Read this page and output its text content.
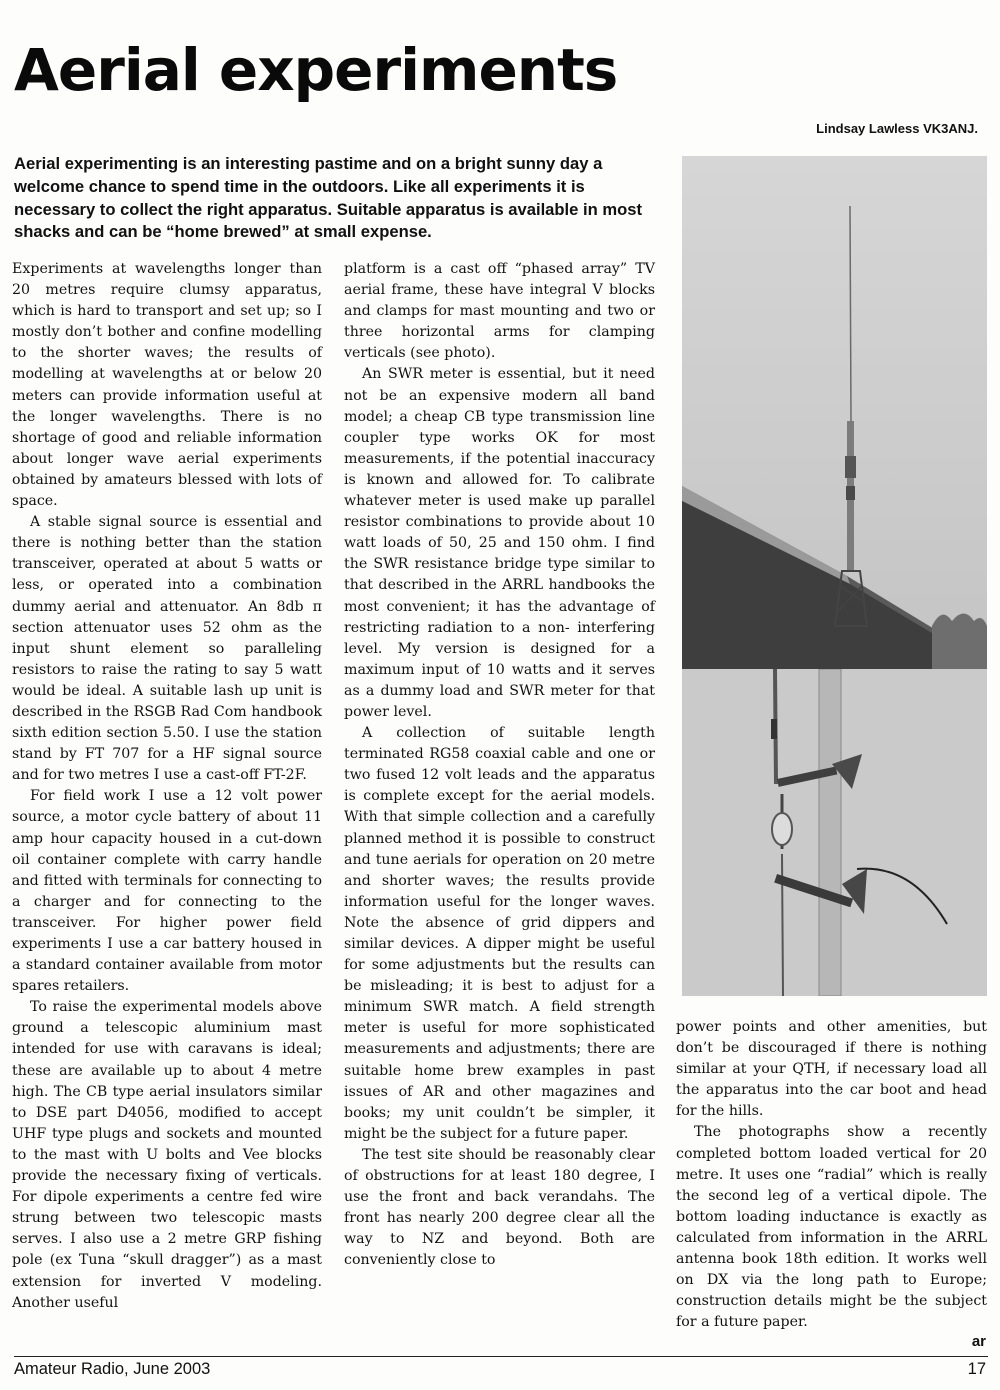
Aerial experiments
Lindsay Lawless VK3ANJ.

Aerial experimenting is an interesting pastime and on a bright sunny day a welcome chance to spend time in the outdoors. Like all experiments it is necessary to collect the right apparatus. Suitable apparatus is available in most shacks and can be “home brewed” at small expense.

Experiments at wavelengths longer than 20 metres require clumsy apparatus, which is hard to transport and set up; so I mostly don’t bother and confine modelling to the shorter waves; the results of modelling at wavelengths at or below 20 meters can provide information useful at the longer wavelengths. There is no shortage of good and reliable information about longer wave aerial experiments obtained by amateurs blessed with lots of space.

A stable signal source is essential and there is nothing better than the station transceiver, operated at about 5 watts or less, or operated into a combination dummy aerial and attenuator. An 8db π section attenuator uses 52 ohm as the input shunt element so paralleling resistors to raise the rating to say 5 watt would be ideal. A suitable lash up unit is described in the RSGB Rad Com handbook sixth edition section 5.50. I use the station stand by FT 707 for a HF signal source and for two metres I use a cast-off FT-2F.

For field work I use a 12 volt power source, a motor cycle battery of about 11 amp hour capacity housed in a cut-down oil container complete with carry handle and fitted with terminals for connecting to a charger and for connecting to the transceiver. For higher power field experiments I use a car battery housed in a standard container available from motor spares retailers.

To raise the experimental models above ground a telescopic aluminium mast intended for use with caravans is ideal; these are available up to about 4 metre high. The CB type aerial insulators similar to DSE part D4056, modified to accept UHF type plugs and sockets and mounted to the mast with U bolts and Vee blocks provide the necessary fixing of verticals. For dipole experiments a centre fed wire strung between two telescopic masts serves. I also use a 2 metre GRP fishing pole (ex Tuna “skull dragger”) as a mast extension for inverted V modeling. Another useful

platform is a cast off “phased array” TV aerial frame, these have integral V blocks and clamps for mast mounting and two or three horizontal arms for clamping verticals (see photo).

An SWR meter is essential, but it need not be an expensive modern all band model; a cheap CB type transmission line coupler type works OK for most measurements, if the potential inaccuracy is known and allowed for. To calibrate whatever meter is used make up parallel resistor combinations to provide about 10 watt loads of 50, 25 and 150 ohm. I find the SWR resistance bridge type similar to that described in the ARRL handbooks the most convenient; it has the advantage of restricting radiation to a non- interfering level. My version is designed for a maximum input of 10 watts and it serves as a dummy load and SWR meter for that power level.

A collection of suitable length terminated RG58 coaxial cable and one or two fused 12 volt leads and the apparatus is complete except for the aerial models. With that simple collection and a carefully planned method it is possible to construct and tune aerials for operation on 20 metre and shorter waves; the results provide information useful for the longer waves. Note the absence of grid dippers and similar devices. A dipper might be useful for some adjustments but the results can be misleading; it is best to adjust for a minimum SWR match. A field strength meter is useful for more sophisticated measurements and adjustments; there are suitable home brew examples in past issues of AR and other magazines and books; my unit couldn’t be simpler, it might be the subject for a future paper.

The test site should be reasonably clear of obstructions for at least 180 degree, I use the front and back verandahs. The front has nearly 200 degree clear all the way to NZ and beyond. Both are conveniently close to

power points and other amenities, but don’t be discouraged if there is nothing similar at your QTH, if necessary load all the apparatus into the car boot and head for the hills.

The photographs show a recently completed bottom loaded vertical for 20 metre. It uses one “radial” which is really the second leg of a vertical dipole. The bottom loading inductance is exactly as calculated from information in the ARRL antenna book 18th edition. It works well on DX via the long path to Europe; construction details might be the subject for a future paper.

ar
Amateur Radio, June 2003	17
